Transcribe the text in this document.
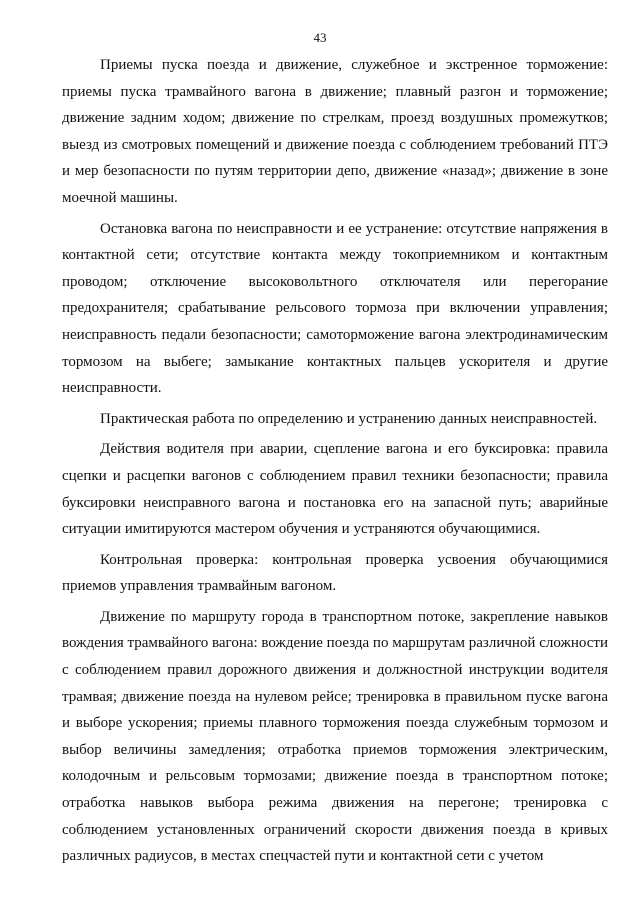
43

Приемы пуска поезда и движение, служебное и экстренное торможение: приемы пуска трамвайного вагона в движение; плавный разгон и торможение; движение задним ходом; движение по стрелкам, проезд воздушных промежутков; выезд из смотровых помещений и движение поезда с соблюдением требований ПТЭ и мер безопасности по путям территории депо, движение «назад»; движение в зоне моечной машины.

Остановка вагона по неисправности и ее устранение: отсутствие напряжения в контактной сети; отсутствие контакта между токоприемником и контактным проводом; отключение высоковольтного отключателя или перегорание предохранителя; срабатывание рельсового тормоза при включении управления; неисправность педали безопасности; самоторможение вагона электродинамическим тормозом на выбеге; замыкание контактных пальцев ускорителя и другие неисправности.

Практическая работа по определению и устранению данных неисправностей.

Действия водителя при аварии, сцепление вагона и его буксировка: правила сцепки и расцепки вагонов с соблюдением правил техники безопасности; правила буксировки неисправного вагона и постановка его на запасной путь; аварийные ситуации имитируются мастером обучения и устраняются обучающимися.

Контрольная проверка: контрольная проверка усвоения обучающимися приемов управления трамвайным вагоном.

Движение по маршруту города в транспортном потоке, закрепление навыков вождения трамвайного вагона: вождение поезда по маршрутам различной сложности с соблюдением правил дорожного движения и должностной инструкции водителя трамвая; движение поезда на нулевом рейсе; тренировка в правильном пуске вагона и выборе ускорения; приемы плавного торможения поезда служебным тормозом и выбор величины замедления; отработка приемов торможения электрическим, колодочным и рельсовым тормозами; движение поезда в транспортном потоке; отработка навыков выбора режима движения на перегоне; тренировка с соблюдением установленных ограничений скорости движения поезда в кривых различных радиусов, в местах спецчастей пути и контактной сети с учетом
